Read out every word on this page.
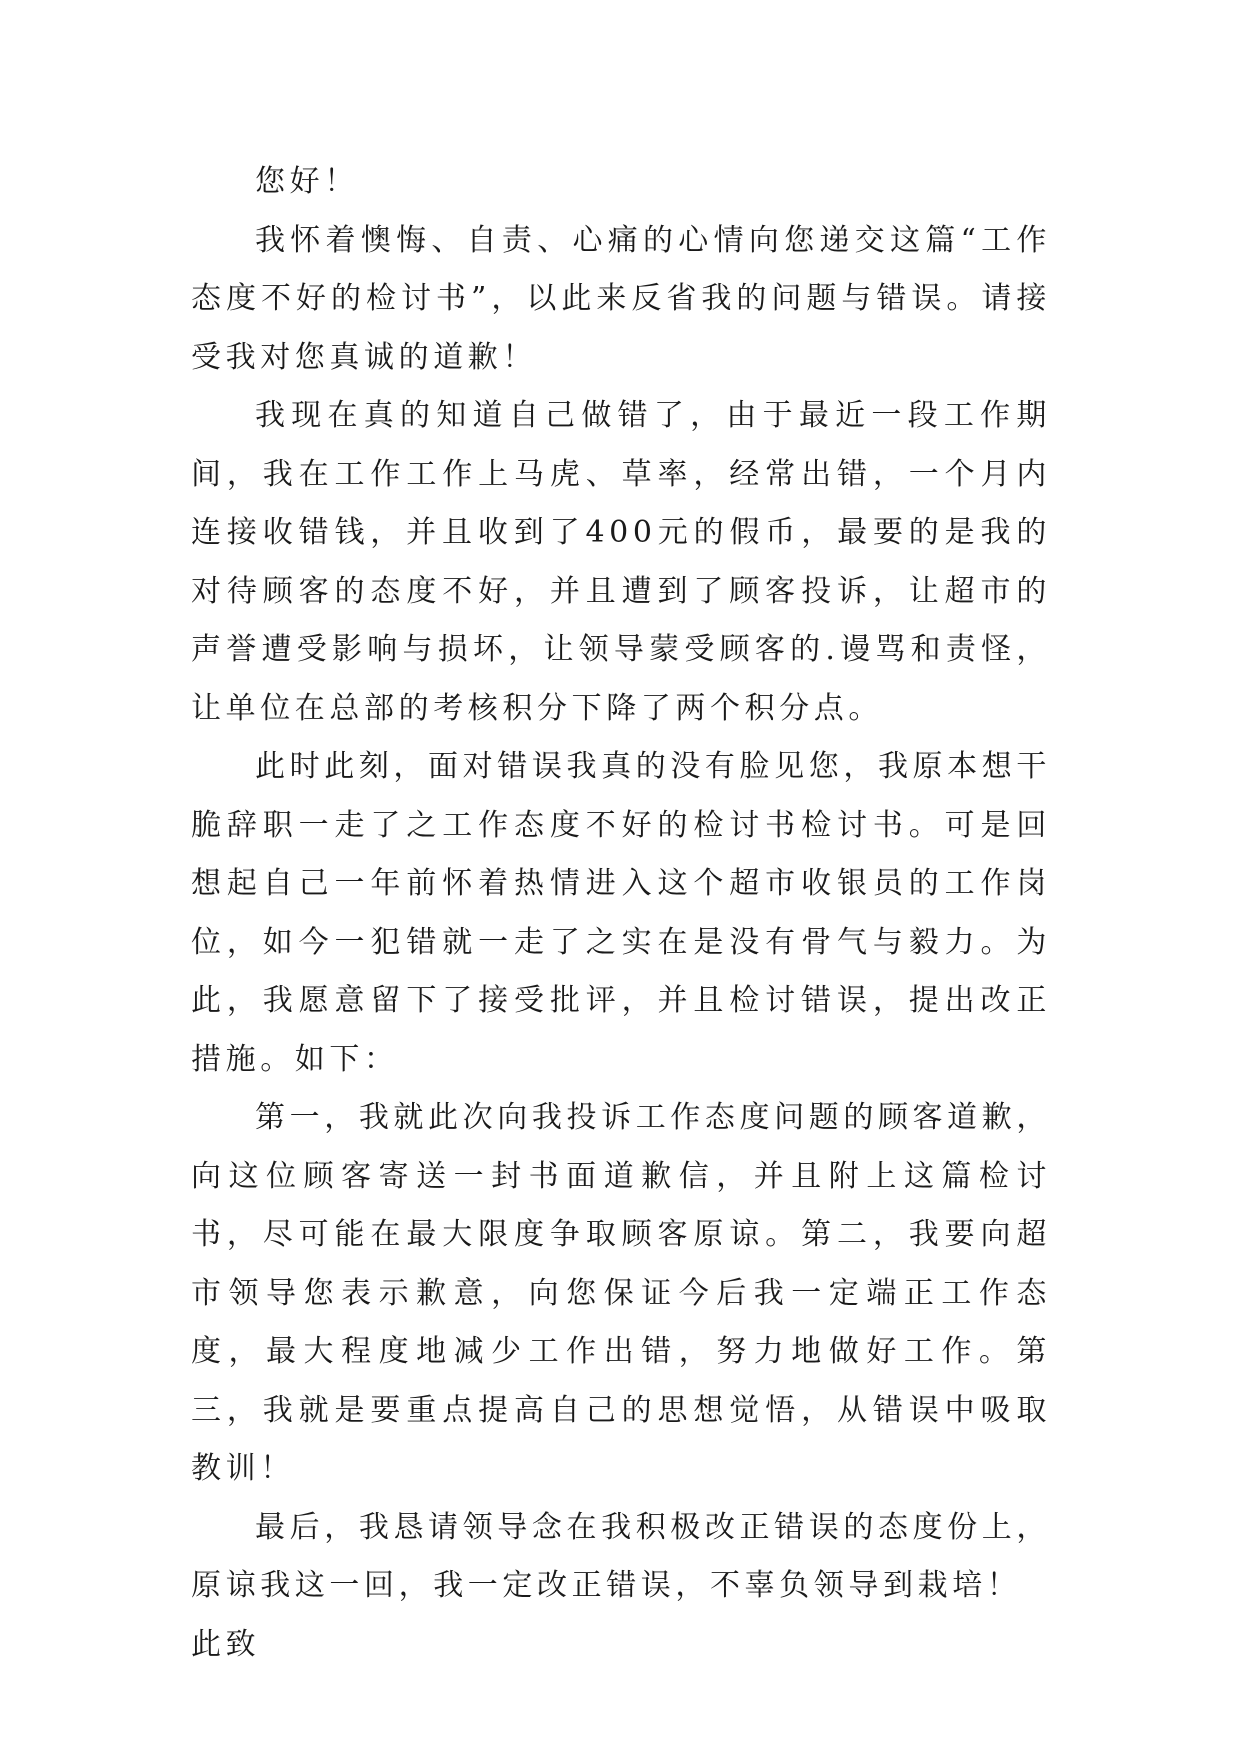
您好！

我怀着懊悔、自责、心痛的心情向您递交这篇“工作态度不好的检讨书”，以此来反省我的问题与错误。请接受我对您真诚的道歉！

我现在真的知道自己做错了，由于最近一段工作期间，我在工作工作上马虎、草率，经常出错，一个月内连接收错钱，并且收到了400元的假币，最要的是我的对待顾客的态度不好，并且遭到了顾客投诉，让超市的声誉遭受影响与损坏，让领导蒙受顾客的.谩骂和责怪，让单位在总部的考核积分下降了两个积分点。

此时此刻，面对错误我真的没有脸见您，我原本想干脆辞职一走了之工作态度不好的检讨书检讨书。可是回想起自己一年前怀着热情进入这个超市收银员的工作岗位，如今一犯错就一走了之实在是没有骨气与毅力。为此，我愿意留下了接受批评，并且检讨错误，提出改正措施。如下：

第一，我就此次向我投诉工作态度问题的顾客道歉，向这位顾客寄送一封书面道歉信，并且附上这篇检讨书，尽可能在最大限度争取顾客原谅。第二，我要向超市领导您表示歉意，向您保证今后我一定端正工作态度，最大程度地减少工作出错，努力地做好工作。第三，我就是要重点提高自己的思想觉悟，从错误中吸取教训！

最后，我恳请领导念在我积极改正错误的态度份上，原谅我这一回，我一定改正错误，不辜负领导到栽培！

此致
